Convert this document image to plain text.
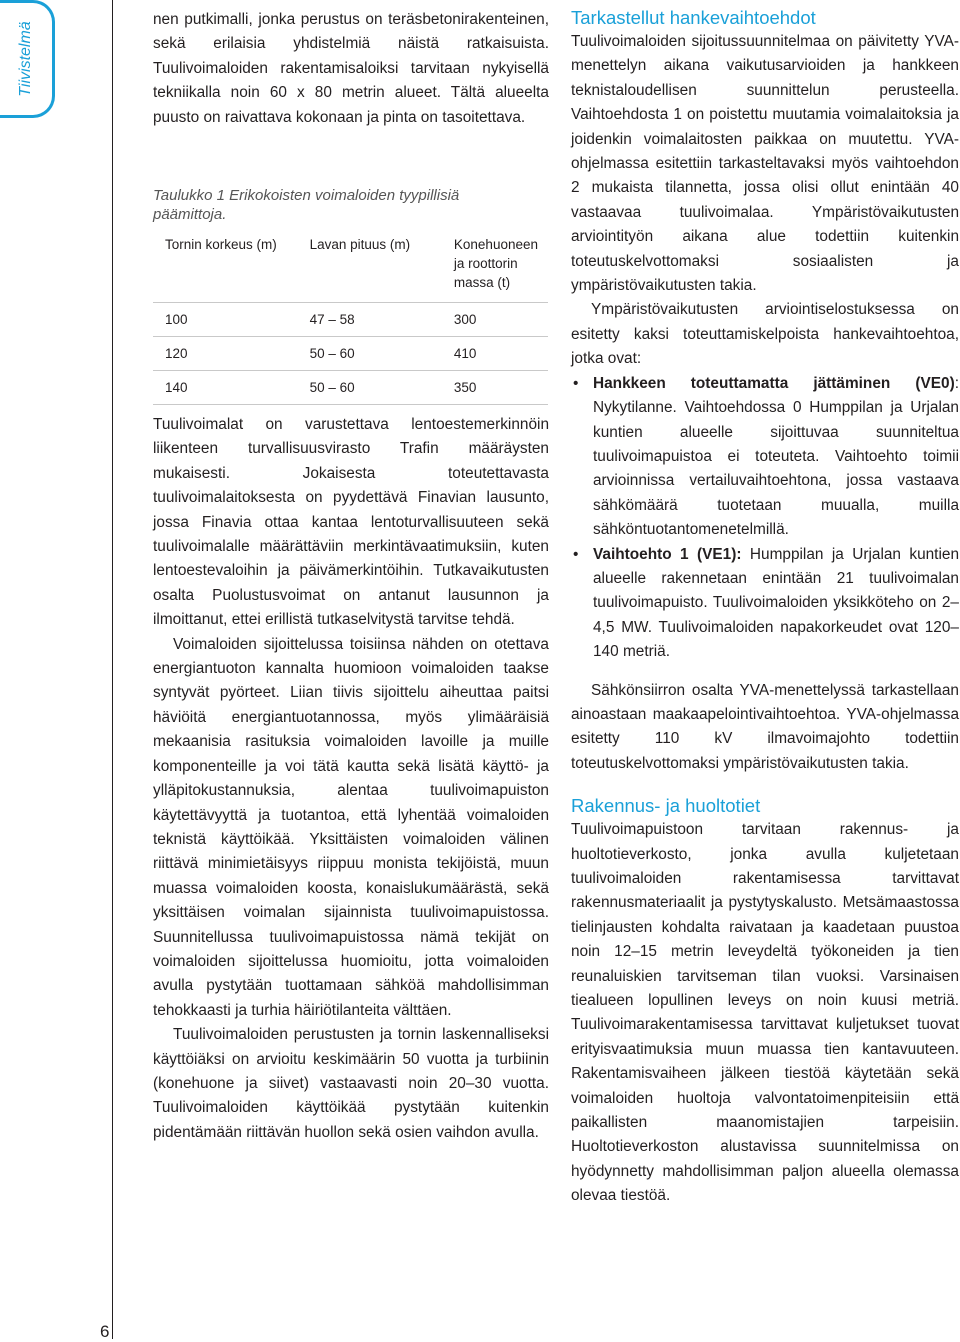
Tiivistelmä
6

nen putkimalli, jonka perustus on teräsbetonirakenteinen, sekä erilaisia yhdistelmiä näistä ratkaisuista. Tuulivoimaloiden rakentamisaloiksi tarvitaan nykyisellä tekniikalla noin 60 x 80 metrin alueet. Tältä alueelta puusto on raivattava kokonaan ja pinta on tasoitettava.

Taulukko 1 Erikokoisten voimaloiden tyypillisiä päämittoja.

Tornin korkeus (m)	Lavan pituus (m)	Konehuoneen ja roottorin massa (t)
100	47 – 58	300
120	50 – 60	410
140	50 – 60	350

Tuulivoimalat on varustettava lentoestemerkinnöin liikenteen turvallisuusvirasto Trafin määräysten mukaisesti. Jokaisesta toteutettavasta tuulivoimalaitoksesta on pyydettävä Finavian lausunto, jossa Finavia ottaa kantaa lentoturvallisuuteen sekä tuulivoimalalle määrättäviin merkintävaatimuksiin, kuten lentoestevaloihin ja päivämerkintöihin. Tutkavaikutusten osalta Puolustusvoimat on antanut lausunnon ja ilmoittanut, ettei erillistä tutkaselvitystä tarvitse tehdä.

Voimaloiden sijoittelussa toisiinsa nähden on otettava energiantuoton kannalta huomioon voimaloiden taakse syntyvät pyörteet. Liian tiivis sijoittelu aiheuttaa paitsi häviöitä energiantuotannossa, myös ylimääräisiä mekaanisia rasituksia voimaloiden lavoille ja muille komponenteille ja voi tätä kautta sekä lisätä käyttö- ja ylläpitokustannuksia, alentaa tuulivoimapuiston käytettävyyttä ja tuotantoa, että lyhentää voimaloiden teknistä käyttöikää. Yksittäisten voimaloiden välinen riittävä minimietäisyys riippuu monista tekijöistä, muun muassa voimaloiden koosta, konaislukumäärästä, sekä yksittäisen voimalan sijainnista tuulivoimapuistossa. Suunnitellussa tuulivoimapuistossa nämä tekijät on voimaloiden sijoittelussa huomioitu, jotta voimaloiden avulla pystytään tuottamaan sähköä mahdollisimman tehokkaasti ja turhia häiriötilanteita välttäen.

Tuulivoimaloiden perustusten ja tornin laskennalliseksi käyttöiäksi on arvioitu keskimäärin 50 vuotta ja turbiinin (konehuone ja siivet) vastaavasti noin 20–30 vuotta. Tuulivoimaloiden käyttöikää pystytään kuitenkin pidentämään riittävän huollon sekä osien vaihdon avulla.

Tarkastellut hankevaihtoehdot

Tuulivoimaloiden sijoitussuunnitelmaa on päivitetty YVA-menettelyn aikana vaikutusarvioiden ja hankkeen teknistaloudellisen suunnittelun perusteella. Vaihtoehdosta 1 on poistettu muutamia voimalaitoksia ja joidenkin voimalaitosten paikkaa on muutettu. YVA-ohjelmassa esitettiin tarkasteltavaksi myös vaihtoehdon 2 mukaista tilannetta, jossa olisi ollut enintään 40 vastaavaa tuulivoimalaa. Ympäristövaikutusten arviointityön aikana alue todettiin kuitenkin toteutuskelvottomaksi sosiaalisten ja ympäristövaikutusten takia.

Ympäristövaikutusten arviointiselostuksessa on esitetty kaksi toteuttamiskelpoista hankevaihtoehtoa, jotka ovat:

• Hankkeen toteuttamatta jättäminen (VE0): Nykytilanne. Vaihtoehdossa 0 Humppilan ja Urjalan kuntien alueelle sijoittuvaa suunniteltua tuulivoimapuistoa ei toteuteta. Vaihtoehto toimii arvioinnissa vertailuvaihtoehtona, jossa vastaava sähkömäärä tuotetaan muualla, muilla sähköntuotantomenetelmillä.
• Vaihtoehto 1 (VE1): Humppilan ja Urjalan kuntien alueelle rakennetaan enintään 21 tuulivoimalan tuulivoimapuisto. Tuulivoimaloiden yksikköteho on 2–4,5 MW. Tuulivoimaloiden napakorkeudet ovat 120–140 metriä.

Sähkönsiirron osalta YVA-menettelyssä tarkastellaan ainoastaan maakaapelointivaihtoehtoa. YVA-ohjelmassa esitetty 110 kV ilmavoimajohto todettiin toteutuskelvottomaksi ympäristövaikutusten takia.

Rakennus- ja huoltotiet

Tuulivoimapuistoon tarvitaan rakennus- ja huoltotieverkosto, jonka avulla kuljetetaan tuulivoimaloiden rakentamisessa tarvittavat rakennusmateriaalit ja pystytyskalusto. Metsämaastossa tielinjausten kohdalta raivataan ja kaadetaan puustoa noin 12–15 metrin leveydeltä työkoneiden ja tien reunaluiskien tarvitseman tilan vuoksi. Varsinaisen tiealueen lopullinen leveys on noin kuusi metriä. Tuulivoimarakentamisessa tarvittavat kuljetukset tuovat erityisvaatimuksia muun muassa tien kantavuuteen. Rakentamisvaiheen jälkeen tiestöä käytetään sekä voimaloiden huoltoja valvontatoimenpiteisiin että paikallisten maanomistajien tarpeisiin. Huoltotieverkoston alustavissa suunnitelmissa on hyödynnetty mahdollisimman paljon alueella olemassa olevaa tiestöä.
